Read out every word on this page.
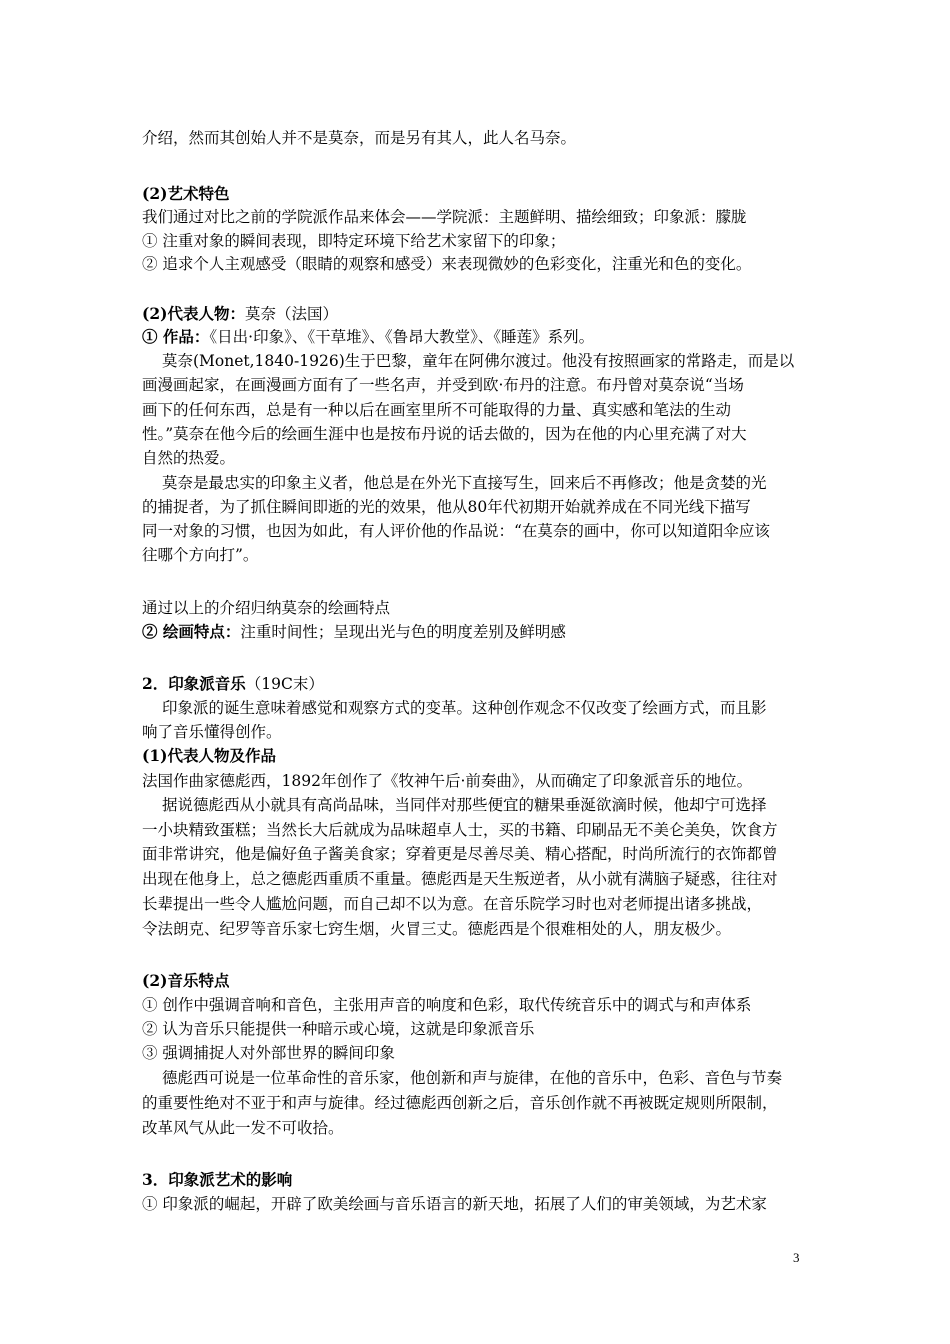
介绍，然而其创始人并不是莫奈，而是另有其人，此人名马奈。
(2)艺术特色
我们通过对比之前的学院派作品来体会——学院派：主题鲜明、描绘细致；印象派：朦胧
① 注重对象的瞬间表现，即特定环境下给艺术家留下的印象；
② 追求个人主观感受（眼睛的观察和感受）来表现微妙的色彩变化，注重光和色的变化。
(2)代表人物：莫奈（法国）
① 作品：《日出·印象》、《干草堆》、《鲁昂大教堂》、《睡莲》系列。
莫奈(Monet,1840-1926)生于巴黎，童年在阿佛尔渡过。他没有按照画家的常路走，而是以
画漫画起家，在画漫画方面有了一些名声，并受到欧·布丹的注意。布丹曾对莫奈说“当场
画下的任何东西，总是有一种以后在画室里所不可能取得的力量、真实感和笔法的生动
性。”莫奈在他今后的绘画生涯中也是按布丹说的话去做的，因为在他的内心里充满了对大
自然的热爱。
莫奈是最忠实的印象主义者，他总是在外光下直接写生，回来后不再修改；他是贪婪的光
的捕捉者，为了抓住瞬间即逝的光的效果，他从80年代初期开始就养成在不同光线下描写
同一对象的习惯，也因为如此，有人评价他的作品说：“在莫奈的画中，你可以知道阳伞应该
往哪个方向打”。
通过以上的介绍归纳莫奈的绘画特点
② 绘画特点：注重时间性；呈现出光与色的明度差别及鲜明感
2．印象派音乐（19C末）
印象派的诞生意味着感觉和观察方式的变革。这种创作观念不仅改变了绘画方式，而且影
响了音乐懂得创作。
(1)代表人物及作品
法国作曲家德彪西，1892年创作了《牧神午后·前奏曲》，从而确定了印象派音乐的地位。
据说德彪西从小就具有高尚品味，当同伴对那些便宜的糖果垂涎欲滴时候，他却宁可选择
一小块精致蛋糕；当然长大后就成为品味超卓人士，买的书籍、印刷品无不美仑美奂，饮食方
面非常讲究，他是偏好鱼子酱美食家；穿着更是尽善尽美、精心搭配，时尚所流行的衣饰都曾
出现在他身上，总之德彪西重质不重量。德彪西是天生叛逆者，从小就有满脑子疑惑，往往对
长辈提出一些令人尴尬问题，而自己却不以为意。在音乐院学习时也对老师提出诸多挑战，
令法朗克、纪罗等音乐家七窍生烟，火冒三丈。德彪西是个很难相处的人，朋友极少。
(2)音乐特点
① 创作中强调音响和音色，主张用声音的响度和色彩，取代传统音乐中的调式与和声体系
② 认为音乐只能提供一种暗示或心境，这就是印象派音乐
③ 强调捕捉人对外部世界的瞬间印象
德彪西可说是一位革命性的音乐家，他创新和声与旋律，在他的音乐中，色彩、音色与节奏
的重要性绝对不亚于和声与旋律。经过德彪西创新之后，音乐创作就不再被既定规则所限制，
改革风气从此一发不可收拾。
3．印象派艺术的影响
① 印象派的崛起，开辟了欧美绘画与音乐语言的新天地，拓展了人们的审美领域，为艺术家
3
